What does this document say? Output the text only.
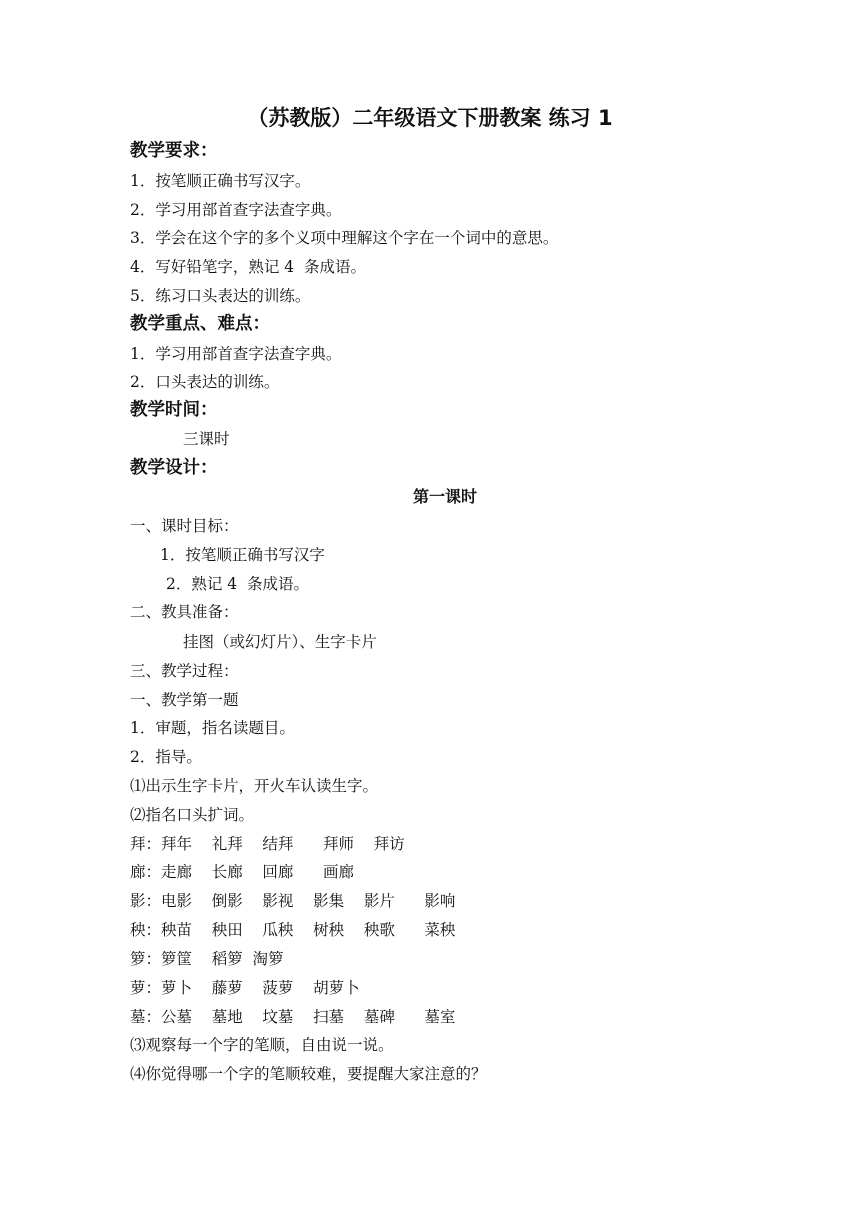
（苏教版）二年级语文下册教案 练习 1
教学要求：

1．按笔顺正确书写汉字。

2．学习用部首查字法查字典。

3．学会在这个字的多个义项中理解这个字在一个词中的意思。

4．写好铅笔字，熟记 4  条成语。

5．练习口头表达的训练。

教学重点、难点：

1．学习用部首查字法查字典。

2．口头表达的训练。

教学时间：

三课时

教学设计：
第一课时

一、课时目标：

1．按笔顺正确书写汉字

2．熟记 4  条成语。

二、教具准备：

挂图（或幻灯片）、生字卡片

三、教学过程：

一、教学第一题

1．审题，指名读题目。

2．指导。

⑴出示生字卡片，开火车认读生字。

⑵指名口头扩词。

拜：拜年    礼拜    结拜      拜师    拜访

廊：走廊    长廊    回廊      画廊

影：电影    倒影    影视    影集    影片      影响

秧：秧苗    秧田    瓜秧    树秧    秧歌      菜秧

箩：箩筐    稻箩  淘箩

萝：萝卜    藤萝    菠萝    胡萝卜

墓：公墓    墓地    坟墓    扫墓    墓碑      墓室

⑶观察每一个字的笔顺，自由说一说。

⑷你觉得哪一个字的笔顺较难，要提醒大家注意的？
